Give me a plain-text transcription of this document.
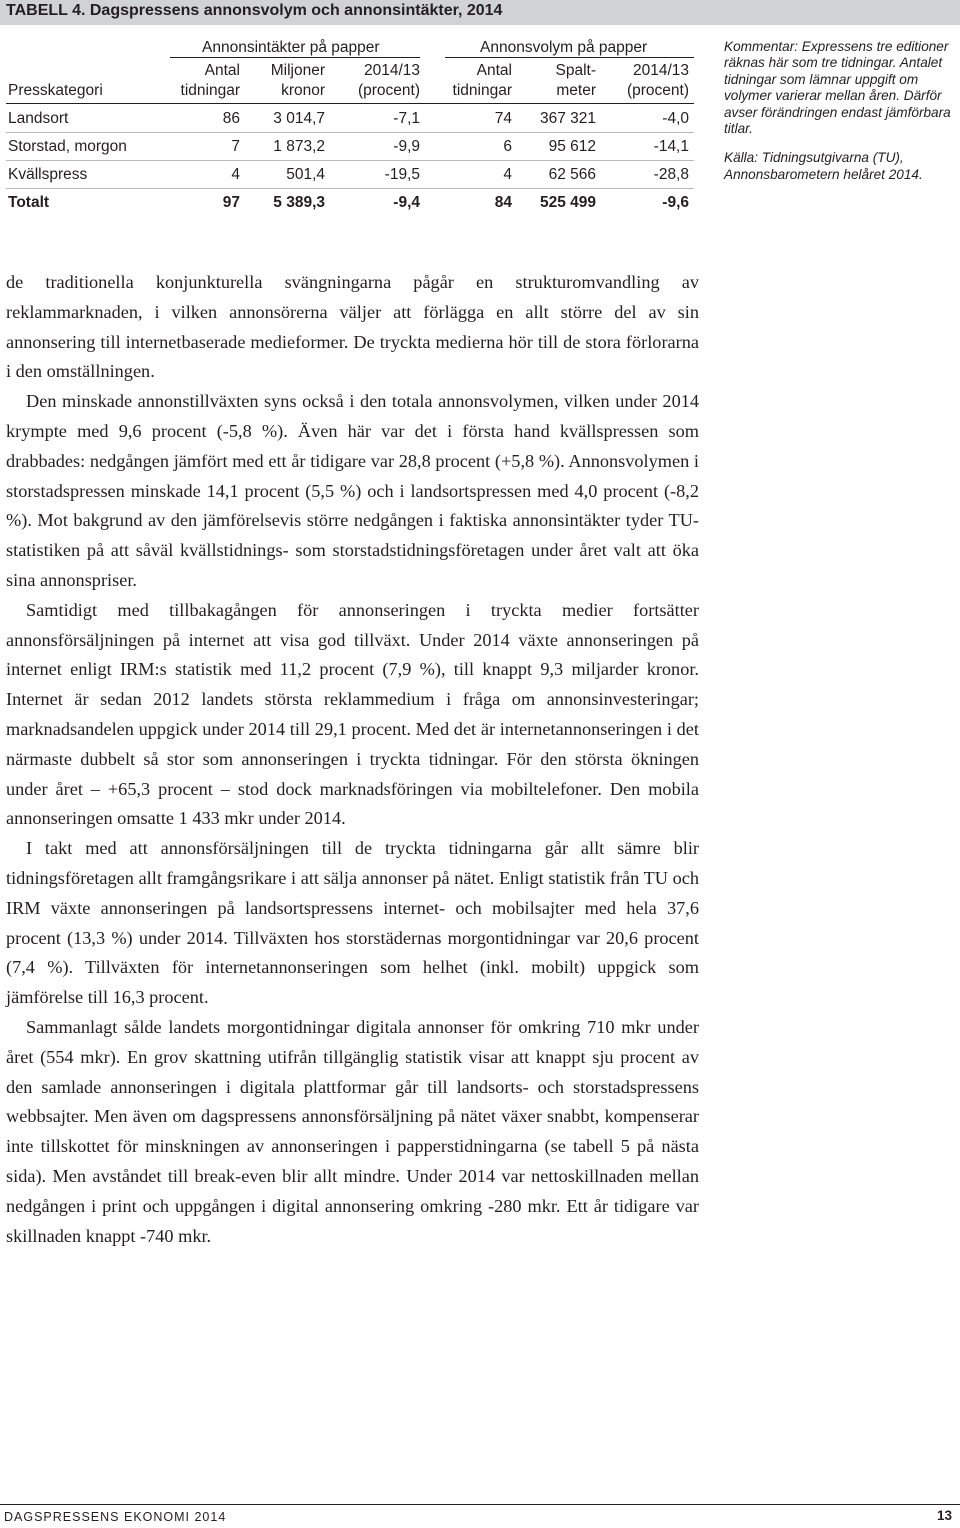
TABELL 4. Dagspressens annonsvolym och annonsintäkter, 2014
Annonsintäkter på papper	Annonsvolym på papper
Antal	Miljoner	2014/13	Antal	Spalt-	2014/13
Presskategori	tidningar	kronor	(procent)	tidningar	meter	(procent)
Landsort	86	3 014,7	-7,1	74	367 321	-4,0
Storstad, morgon	7	1 873,2	-9,9	6	95 612	-14,1
Kvällspress	4	501,4	-19,5	4	62 566	-28,8
Totalt	97	5 389,3	-9,4	84	525 499	-9,6

Kommentar: Expressens tre editioner räknas här som tre tidningar. Antalet tidningar som lämnar uppgift om volymer varierar mellan åren. Därför avser förändringen endast jämförbara titlar.

Källa: Tidningsutgivarna (TU), Annonsbarometern helåret 2014.

de traditionella konjunkturella svängningarna pågår en strukturomvandling av reklammarknaden, i vilken annonsörerna väljer att förlägga en allt större del av sin annonsering till internetbaserade medieformer. De tryckta medierna hör till de stora förlorarna i den omställningen.

Den minskade annonstillväxten syns också i den totala annonsvolymen, vilken under 2014 krympte med 9,6 procent (-5,8 %). Även här var det i första hand kvällspressen som drabbades: nedgången jämfört med ett år tidigare var 28,8 procent (+5,8 %). Annonsvolymen i storstadspressen minskade 14,1 procent (5,5 %) och i landsortspressen med 4,0 procent (-8,2 %). Mot bakgrund av den jämförelsevis större nedgången i faktiska annonsintäkter tyder TU-statistiken på att såväl kvällstidnings- som storstadstidningsföretagen under året valt att öka sina annonspriser.

Samtidigt med tillbakagången för annonseringen i tryckta medier fortsätter annonsförsäljningen på internet att visa god tillväxt. Under 2014 växte annonseringen på internet enligt IRM:s statistik med 11,2 procent (7,9 %), till knappt 9,3 miljarder kronor. Internet är sedan 2012 landets största reklammedium i fråga om annonsinvesteringar; marknadsandelen uppgick under 2014 till 29,1 procent. Med det är internetannonseringen i det närmaste dubbelt så stor som annonseringen i tryckta tidningar. För den största ökningen under året – +65,3 procent – stod dock marknadsföringen via mobiltelefoner. Den mobila annonseringen omsatte 1 433 mkr under 2014.

I takt med att annonsförsäljningen till de tryckta tidningarna går allt sämre blir tidningsföretagen allt framgångsrikare i att sälja annonser på nätet. Enligt statistik från TU och IRM växte annonseringen på landsortspressens internet- och mobilsajter med hela 37,6 procent (13,3 %) under 2014. Tillväxten hos storstädernas morgontidningar var 20,6 procent (7,4 %). Tillväxten för internetannonseringen som helhet (inkl. mobilt) uppgick som jämförelse till 16,3 procent.

Sammanlagt sålde landets morgontidningar digitala annonser för omkring 710 mkr under året (554 mkr). En grov skattning utifrån tillgänglig statistik visar att knappt sju procent av den samlade annonseringen i digitala plattformar går till landsorts- och storstadspressens webbsajter. Men även om dagspressens annonsförsäljning på nätet växer snabbt, kompenserar inte tillskottet för minskningen av annonseringen i papperstidningarna (se tabell 5 på nästa sida). Men avståndet till break-even blir allt mindre. Under 2014 var nettoskillnaden mellan nedgången i print och uppgången i digital annonsering omkring -280 mkr. Ett år tidigare var skillnaden knappt -740 mkr.

DAGSPRESSENS EKONOMI 2014	13
